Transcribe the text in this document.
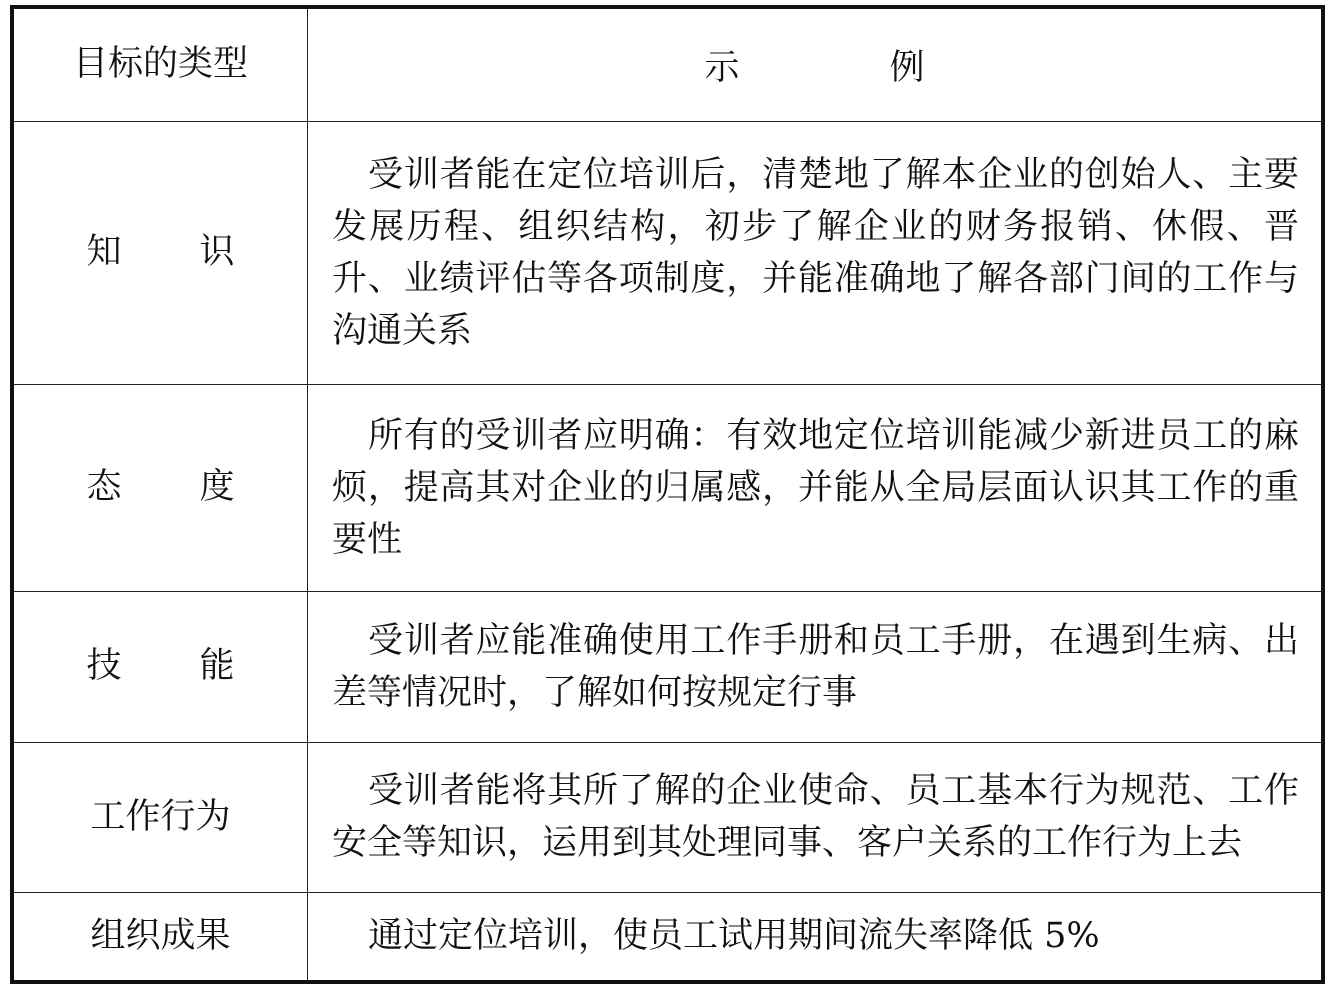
目标的类型	示 例
知 识	受训者能在定位培训后，清楚地了解本企业的创始人、主要发展历程、组织结构，初步了解企业的财务报销、休假、晋升、业绩评估等各项制度，并能准确地了解各部门间的工作与沟通关系
态 度	所有的受训者应明确：有效地定位培训能减少新进员工的麻烦，提高其对企业的归属感，并能从全局层面认识其工作的重要性
技 能	受训者应能准确使用工作手册和员工手册，在遇到生病、出差等情况时，了解如何按规定行事
工作行为	受训者能将其所了解的企业使命、员工基本行为规范、工作安全等知识，运用到其处理同事、客户关系的工作行为上去
组织成果	通过定位培训，使员工试用期间流失率降低 5%
